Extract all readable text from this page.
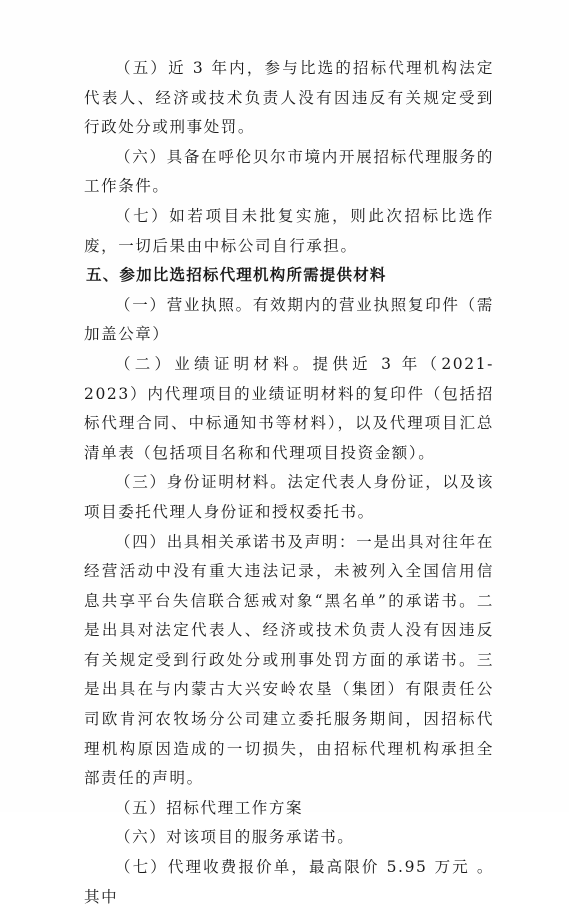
（五）近 3 年内，参与比选的招标代理机构法定代表人、经济或技术负责人没有因违反有关规定受到行政处分或刑事处罚。

（六）具备在呼伦贝尔市境内开展招标代理服务的工作条件。

（七）如若项目未批复实施，则此次招标比选作废，一切后果由中标公司自行承担。

五、参加比选招标代理机构所需提供材料

（一）营业执照。有效期内的营业执照复印件（需加盖公章）

（二）业绩证明材料。提供近 3 年（2021-2023）内代理项目的业绩证明材料的复印件（包括招标代理合同、中标通知书等材料），以及代理项目汇总清单表（包括项目名称和代理项目投资金额）。

（三）身份证明材料。法定代表人身份证，以及该项目委托代理人身份证和授权委托书。

（四）出具相关承诺书及声明：一是出具对往年在经营活动中没有重大违法记录，未被列入全国信用信息共享平台失信联合惩戒对象“黑名单”的承诺书。二是出具对法定代表人、经济或技术负责人没有因违反有关规定受到行政处分或刑事处罚方面的承诺书。三是出具在与内蒙古大兴安岭农垦（集团）有限责任公司欧肯河农牧场分公司建立委托服务期间，因招标代理机构原因造成的一切损失，由招标代理机构承担全部责任的声明。

（五）招标代理工作方案

（六）对该项目的服务承诺书。

（七）代理收费报价单，最高限价 5.95 万元 。其中
